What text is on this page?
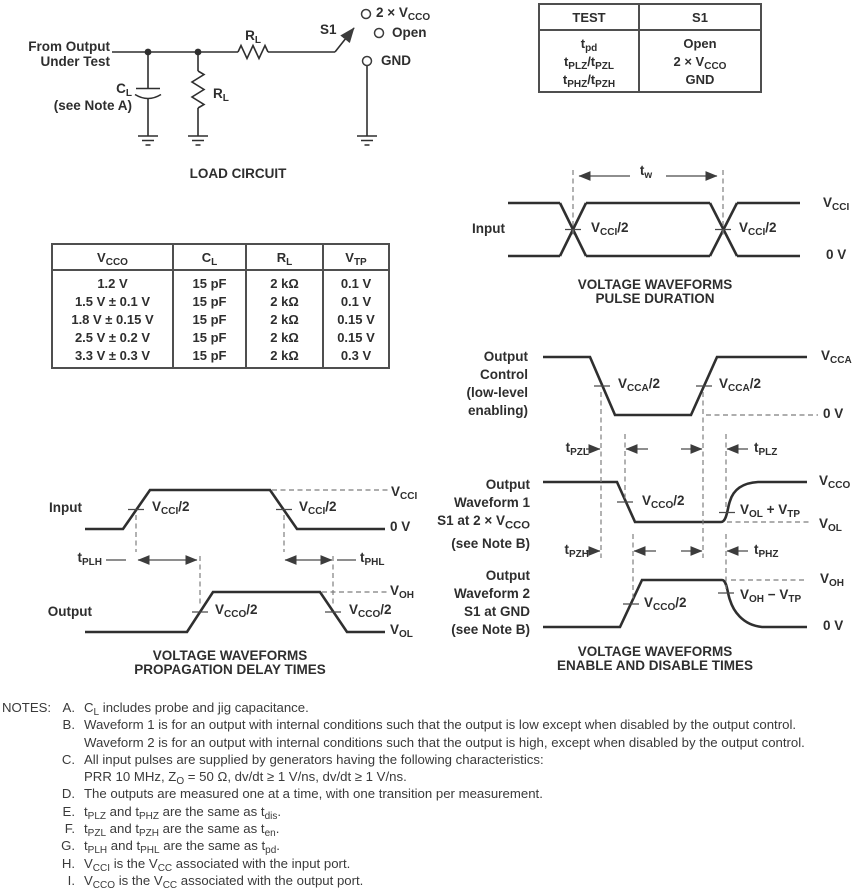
From Output
Under Test
$C_L$
(see Note A)
$R_L$
$R_L$
S1
$2 \times V_{CCO}$
Open
GND
LOAD CIRCUIT
TEST	S1
$t_{pd}$	Open
$t_{PLZ}/t_{PZL}$	$2 \times V_{CCO}$
$t_{PHZ}/t_{PZH}$	GND
$V_{CCO}$	$C_L$	$R_L$	$V_{TP}$
1.2 V	15 pF	2 kΩ	0.1 V
1.5 V ± 0.1 V	15 pF	2 kΩ	0.1 V
1.8 V ± 0.15 V	15 pF	2 kΩ	0.15 V
2.5 V ± 0.2 V	15 pF	2 kΩ	0.15 V
3.3 V ± 0.3 V	15 pF	2 kΩ	0.3 V
Input
$t_w$
$V_{CCI}/2$	$V_{CCI}/2$
$V_{CCI}$
0 V
VOLTAGE WAVEFORMS
PULSE DURATION
Input	$V_{CCI}/2$	$V_{CCI}/2$
$V_{CCI}$
0 V
$t_{PLH}$	$t_{PHL}$
Output	$V_{CCO}/2$	$V_{CCO}/2$
$V_{OH}$
$V_{OL}$
VOLTAGE WAVEFORMS
PROPAGATION DELAY TIMES
Output
Control
(low-level
enabling)
$V_{CCA}/2$	$V_{CCA}/2$
$V_{CCA}$
0 V
$t_{PZL}$	$t_{PLZ}$
Output
Waveform 1
S1 at $2 \times V_{CCO}$
(see Note B)
$V_{CCO}/2$
$V_{OL} + V_{TP}$
$V_{CCO}$
$V_{OL}$
$t_{PZH}$	$t_{PHZ}$
Output
Waveform 2
S1 at GND
(see Note B)
$V_{CCO}/2$
$V_{OH} - V_{TP}$
$V_{OH}$
0 V
VOLTAGE WAVEFORMS
ENABLE AND DISABLE TIMES
NOTES: A. $C_L$ includes probe and jig capacitance.
B. Waveform 1 is for an output with internal conditions such that the output is low except when disabled by the output control. Waveform 2 is for an output with internal conditions such that the output is high, except when disabled by the output control.
C. All input pulses are supplied by generators having the following characteristics: PRR 10 MHz, $Z_O = 50$ Ω, dv/dt ≥ 1 V/ns, dv/dt ≥ 1 V/ns.
D. The outputs are measured one at a time, with one transition per measurement.
E. $t_{PLZ}$ and $t_{PHZ}$ are the same as $t_{dis}$.
F. $t_{PZL}$ and $t_{PZH}$ are the same as $t_{en}$.
G. $t_{PLH}$ and $t_{PHL}$ are the same as $t_{pd}$.
H. $V_{CCI}$ is the $V_{CC}$ associated with the input port.
I. $V_{CCO}$ is the $V_{CC}$ associated with the output port.
